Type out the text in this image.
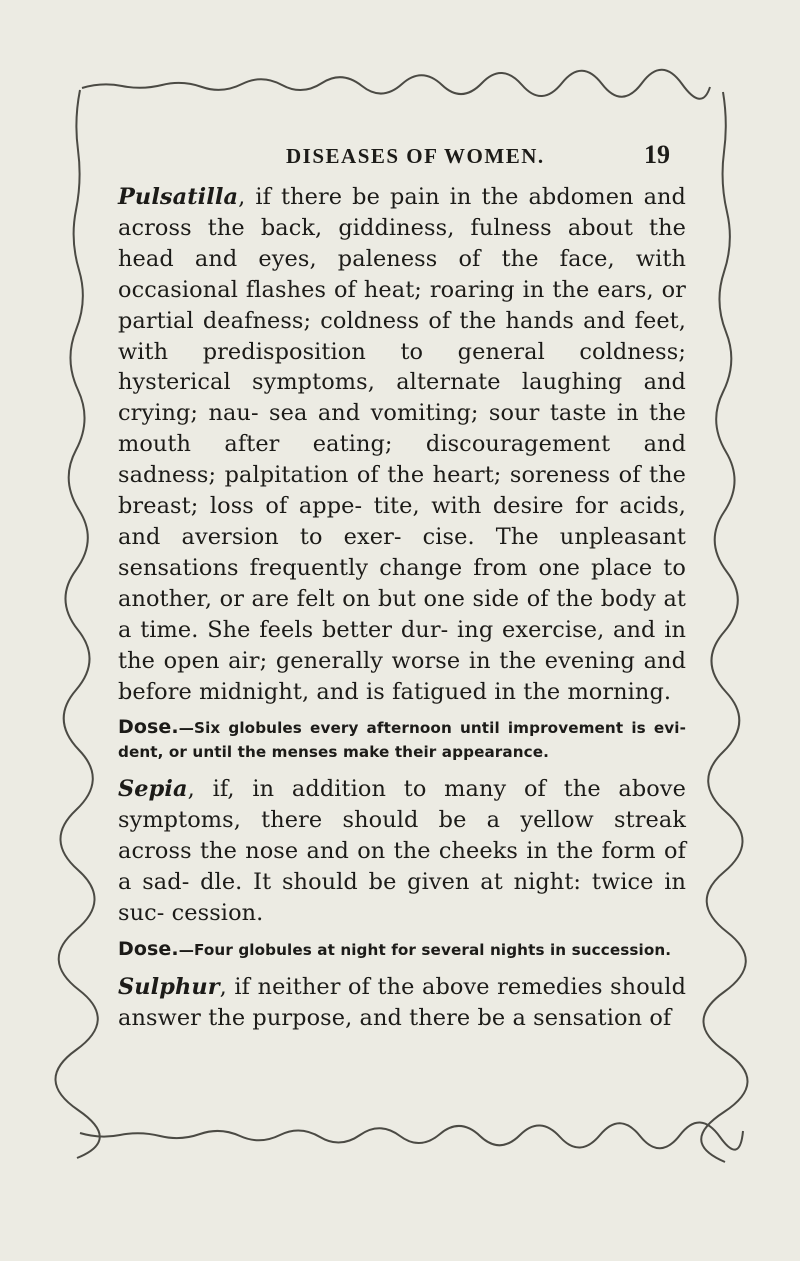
DISEASES OF WOMEN.	19

Pulsatilla, if there be pain in the abdomen and across the back, giddiness, fulness about the head and eyes, paleness of the face, with occasional flashes of heat; roaring in the ears, or partial deafness; coldness of the hands and feet, with predisposition to general coldness; hysterical symptoms, alternate laughing and crying; nau- sea and vomiting; sour taste in the mouth after eating; discouragement and sadness; palpitation of the heart; soreness of the breast; loss of appe- tite, with desire for acids, and aversion to exer- cise. The unpleasant sensations frequently change from one place to another, or are felt on but one side of the body at a time. She feels better dur- ing exercise, and in the open air; generally worse in the evening and before midnight, and is fatigued in the morning.

Dose.—Six globules every afternoon until improvement is evi- dent, or until the menses make their appearance.

Sepia, if, in addition to many of the above symptoms, there should be a yellow streak across the nose and on the cheeks in the form of a sad- dle. It should be given at night: twice in suc- cession.

Dose.—Four globules at night for several nights in succession.

Sulphur, if neither of the above remedies should answer the purpose, and there be a sensation of
